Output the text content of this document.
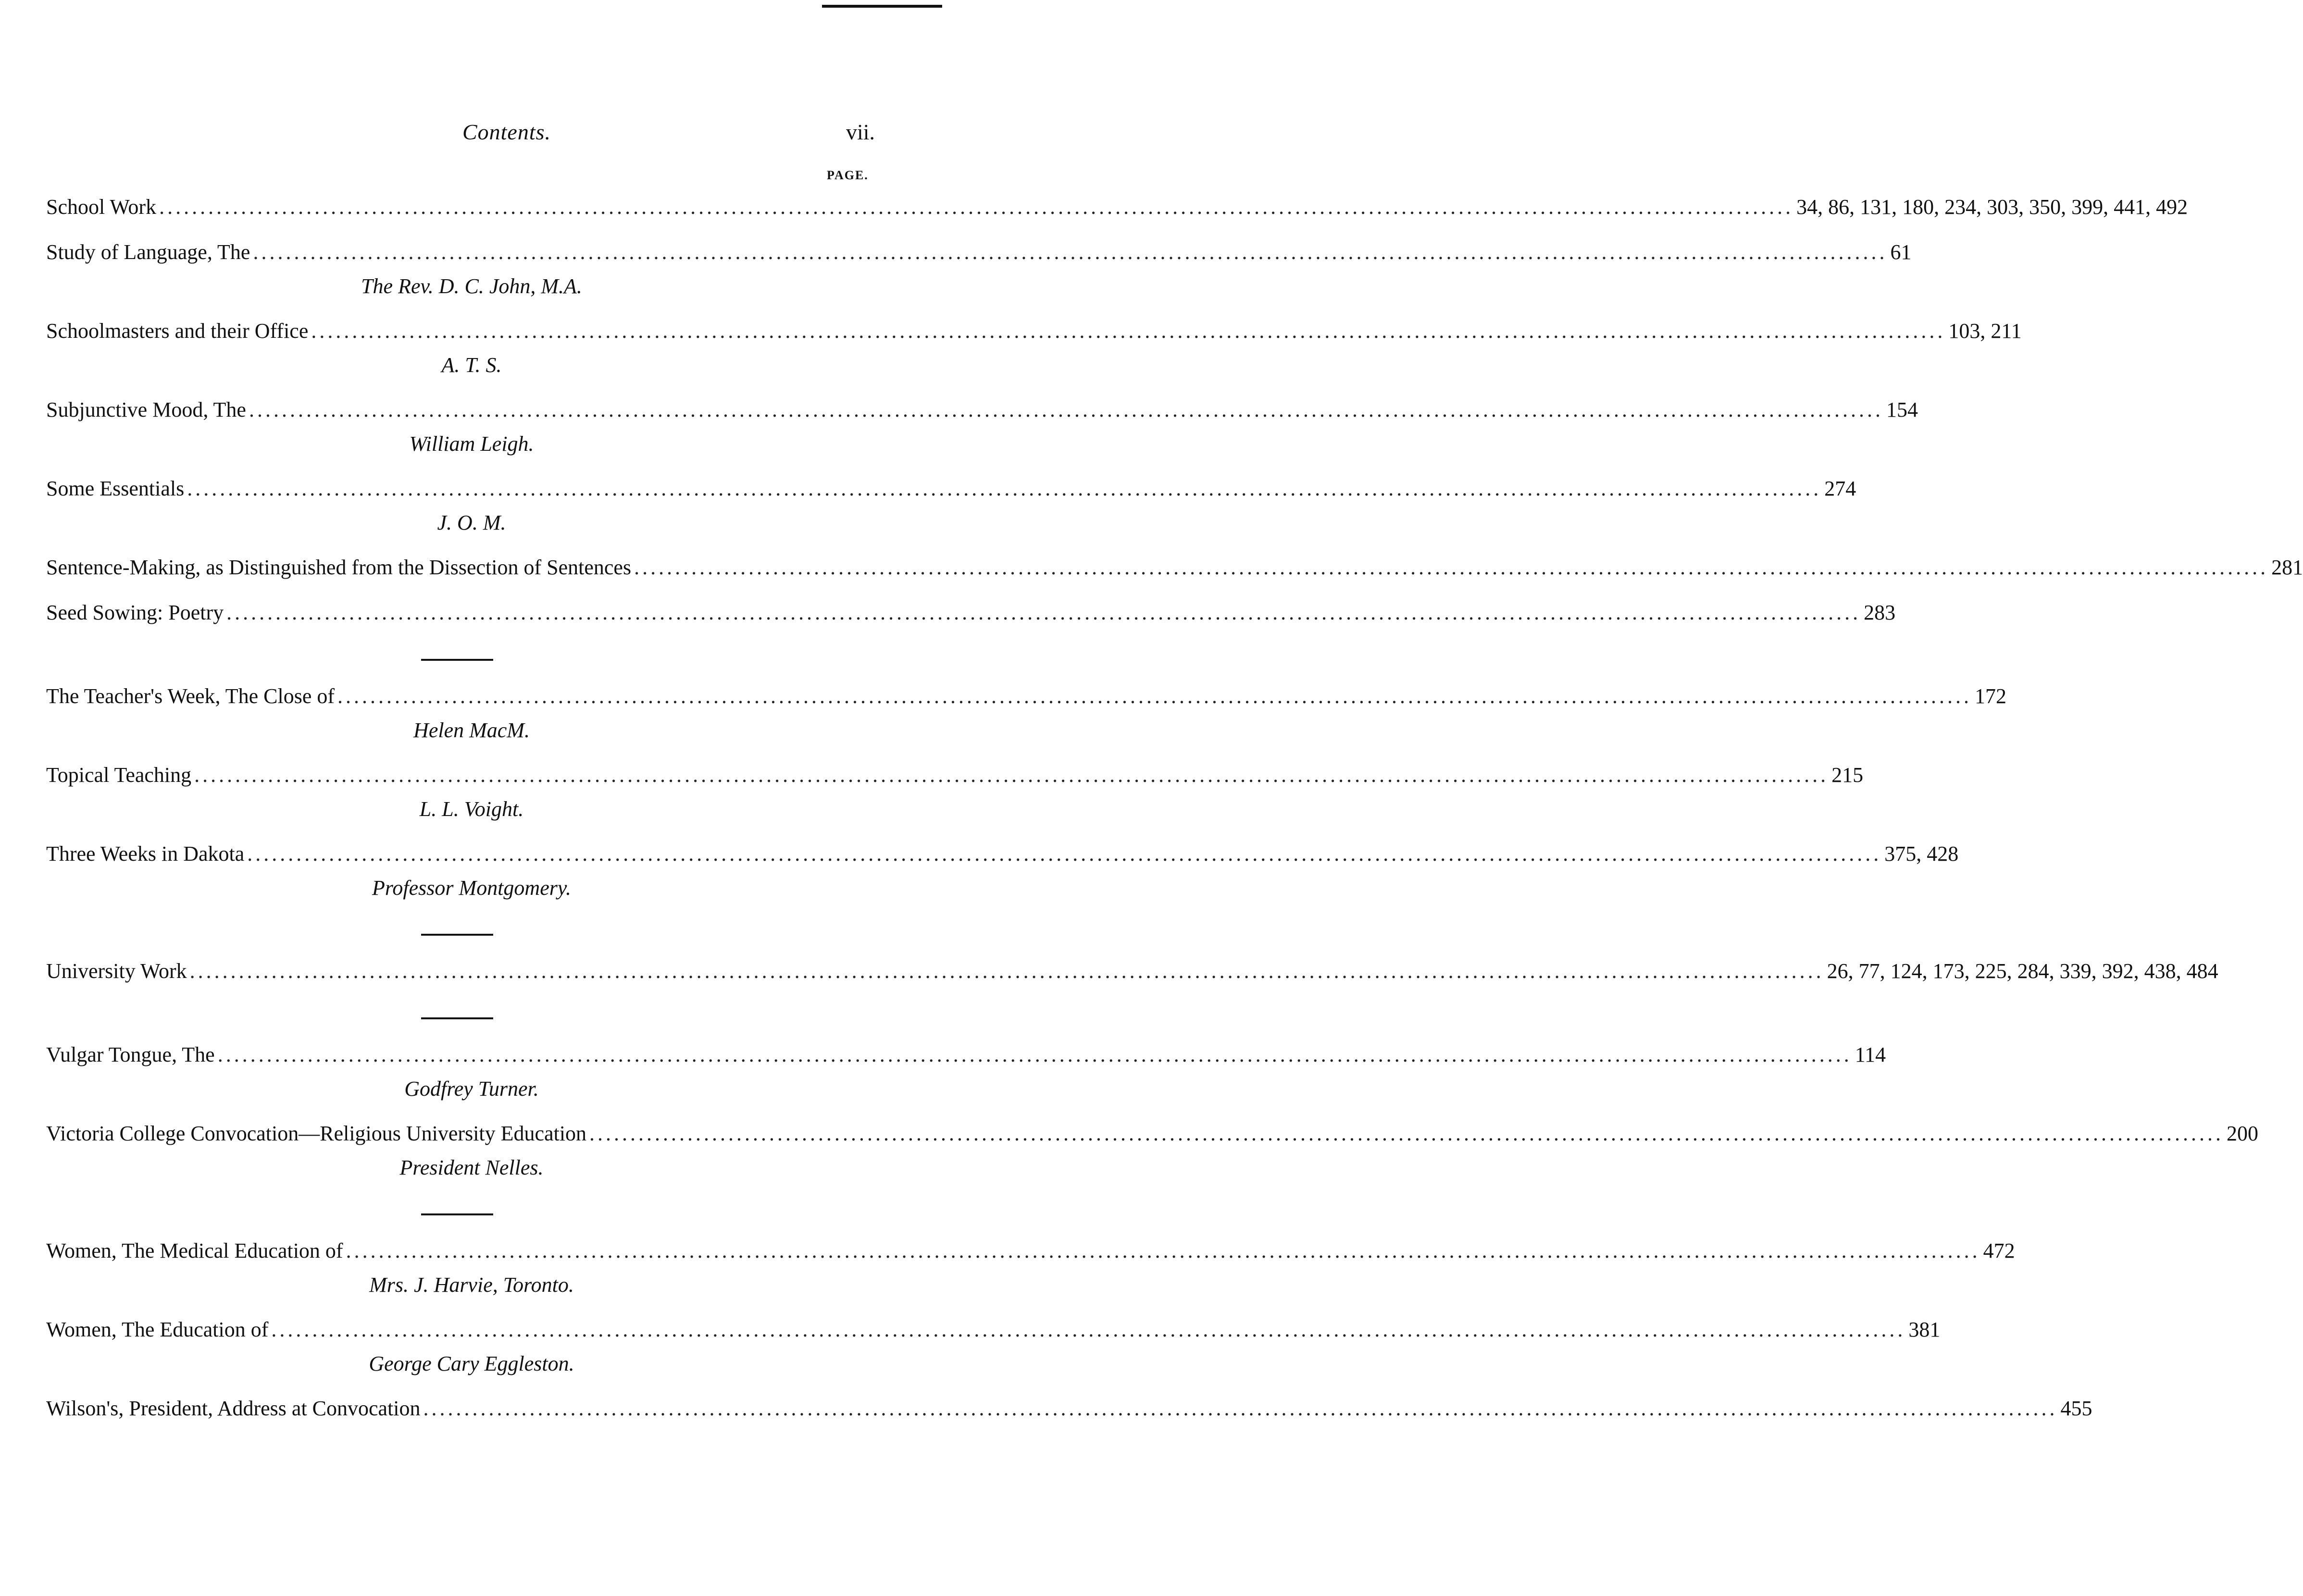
Contents.	vii.
PAGE.
School Work ........................................................................................................................................................................................................ 34, 86, 131, 180, 234, 303, 350, 399, 441, 492
Study of Language, The ........................................................................................................................................................................................................ 61
The Rev. D. C. John, M.A.
Schoolmasters and their Office ........................................................................................................................................................................................................ 103, 211
A. T. S.
Subjunctive Mood, The ........................................................................................................................................................................................................ 154
William Leigh.
Some Essentials ........................................................................................................................................................................................................ 274
J. O. M.
Sentence-Making, as Distinguished from the Dissection of Sentences ........................................................................................................................................................................................................ 281
Seed Sowing: Poetry ........................................................................................................................................................................................................ 283
The Teacher's Week, The Close of ........................................................................................................................................................................................................ 172
Helen MacM.
Topical Teaching ........................................................................................................................................................................................................ 215
L. L. Voight.
Three Weeks in Dakota ........................................................................................................................................................................................................ 375, 428
Professor Montgomery.
University Work ........................................................................................................................................................................................................ 26, 77, 124, 173, 225, 284, 339, 392, 438, 484
Vulgar Tongue, The ........................................................................................................................................................................................................ 114
Godfrey Turner.
Victoria College Convocation—Religious University Education ........................................................................................................................................................................................................ 200
President Nelles.
Women, The Medical Education of ........................................................................................................................................................................................................ 472
Mrs. J. Harvie, Toronto.
Women, The Education of ........................................................................................................................................................................................................ 381
George Cary Eggleston.
Wilson's, President, Address at Convocation ........................................................................................................................................................................................................ 455
